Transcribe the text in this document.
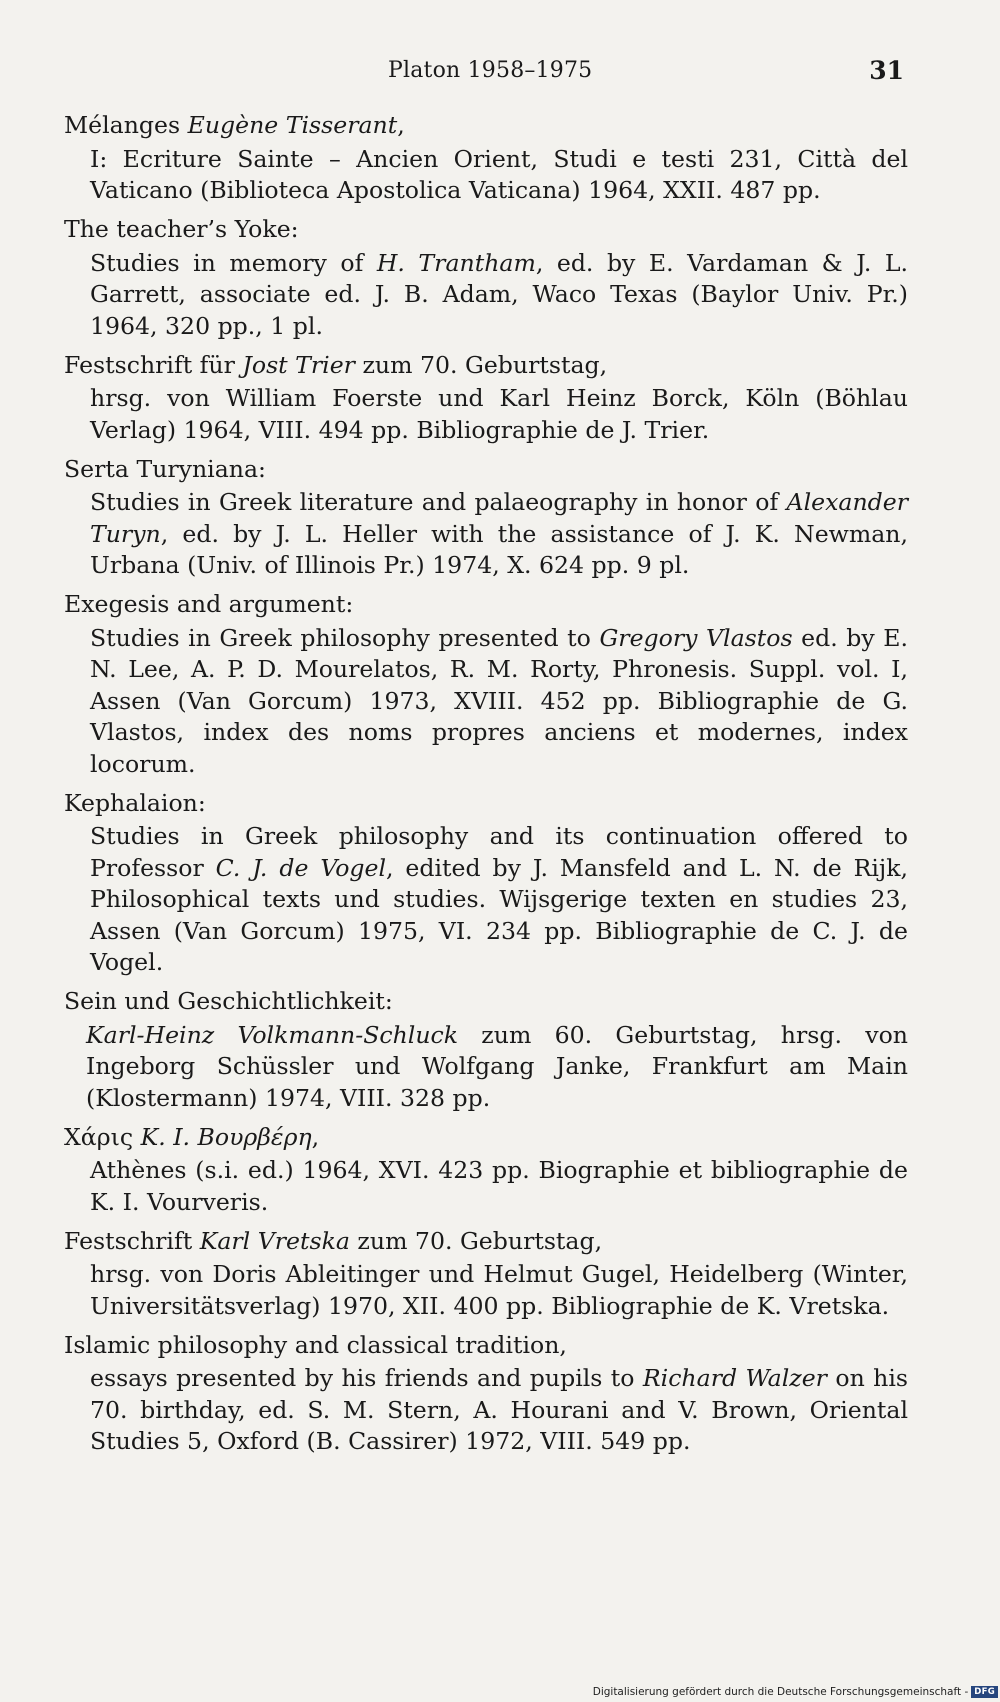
Platon 1958–1975	31

Mélanges Eugène Tisserant,

I: Ecriture Sainte – Ancien Orient, Studi e testi 231, Città del Vaticano (Biblioteca Apostolica Vaticana) 1964, XXII. 487 pp.

The teacher’s Yoke:

Studies in memory of H. Trantham, ed. by E. Vardaman & J. L. Garrett, associate ed. J. B. Adam, Waco Texas (Baylor Univ. Pr.) 1964, 320 pp., 1 pl.

Festschrift für Jost Trier zum 70. Geburtstag,

hrsg. von William Foerste und Karl Heinz Borck, Köln (Böhlau Verlag) 1964, VIII. 494 pp. Bibliographie de J. Trier.

Serta Turyniana:

Studies in Greek literature and palaeography in honor of Alexander Turyn, ed. by J. L. Heller with the assistance of J. K. Newman, Urbana (Univ. of Illinois Pr.) 1974, X. 624 pp. 9 pl.

Exegesis and argument:

Studies in Greek philosophy presented to Gregory Vlastos ed. by E. N. Lee, A. P. D. Mourelatos, R. M. Rorty, Phronesis. Suppl. vol. I, Assen (Van Gorcum) 1973, XVIII. 452 pp. Bibliographie de G. Vlastos, index des noms propres anciens et modernes, index locorum.

Kephalaion:

Studies in Greek philosophy and its continuation offered to Professor C. J. de Vogel, edited by J. Mansfeld and L. N. de Rijk, Philosophical texts und studies. Wijsgerige texten en studies 23, Assen (Van Gorcum) 1975, VI. 234 pp. Bibliographie de C. J. de Vogel.

Sein und Geschichtlichkeit:

Karl-Heinz Volkmann-Schluck zum 60. Geburtstag, hrsg. von Ingeborg Schüssler und Wolfgang Janke, Frankfurt am Main (Klostermann) 1974, VIII. 328 pp.

Χάρις Κ. Ι. Βουρβέρη,

Athènes (s.i. ed.) 1964, XVI. 423 pp. Biographie et bibliographie de K. I. Vourveris.

Festschrift Karl Vretska zum 70. Geburtstag,

hrsg. von Doris Ableitinger und Helmut Gugel, Heidelberg (Winter, Universitätsverlag) 1970, XII. 400 pp. Bibliographie de K. Vretska.

Islamic philosophy and classical tradition,

essays presented by his friends and pupils to Richard Walzer on his 70. birthday, ed. S. M. Stern, A. Hourani and V. Brown, Oriental Studies 5, Oxford (B. Cassirer) 1972, VIII. 549 pp.

Digitalisierung gefördert durch die Deutsche Forschungsgemeinschaft - DFG
